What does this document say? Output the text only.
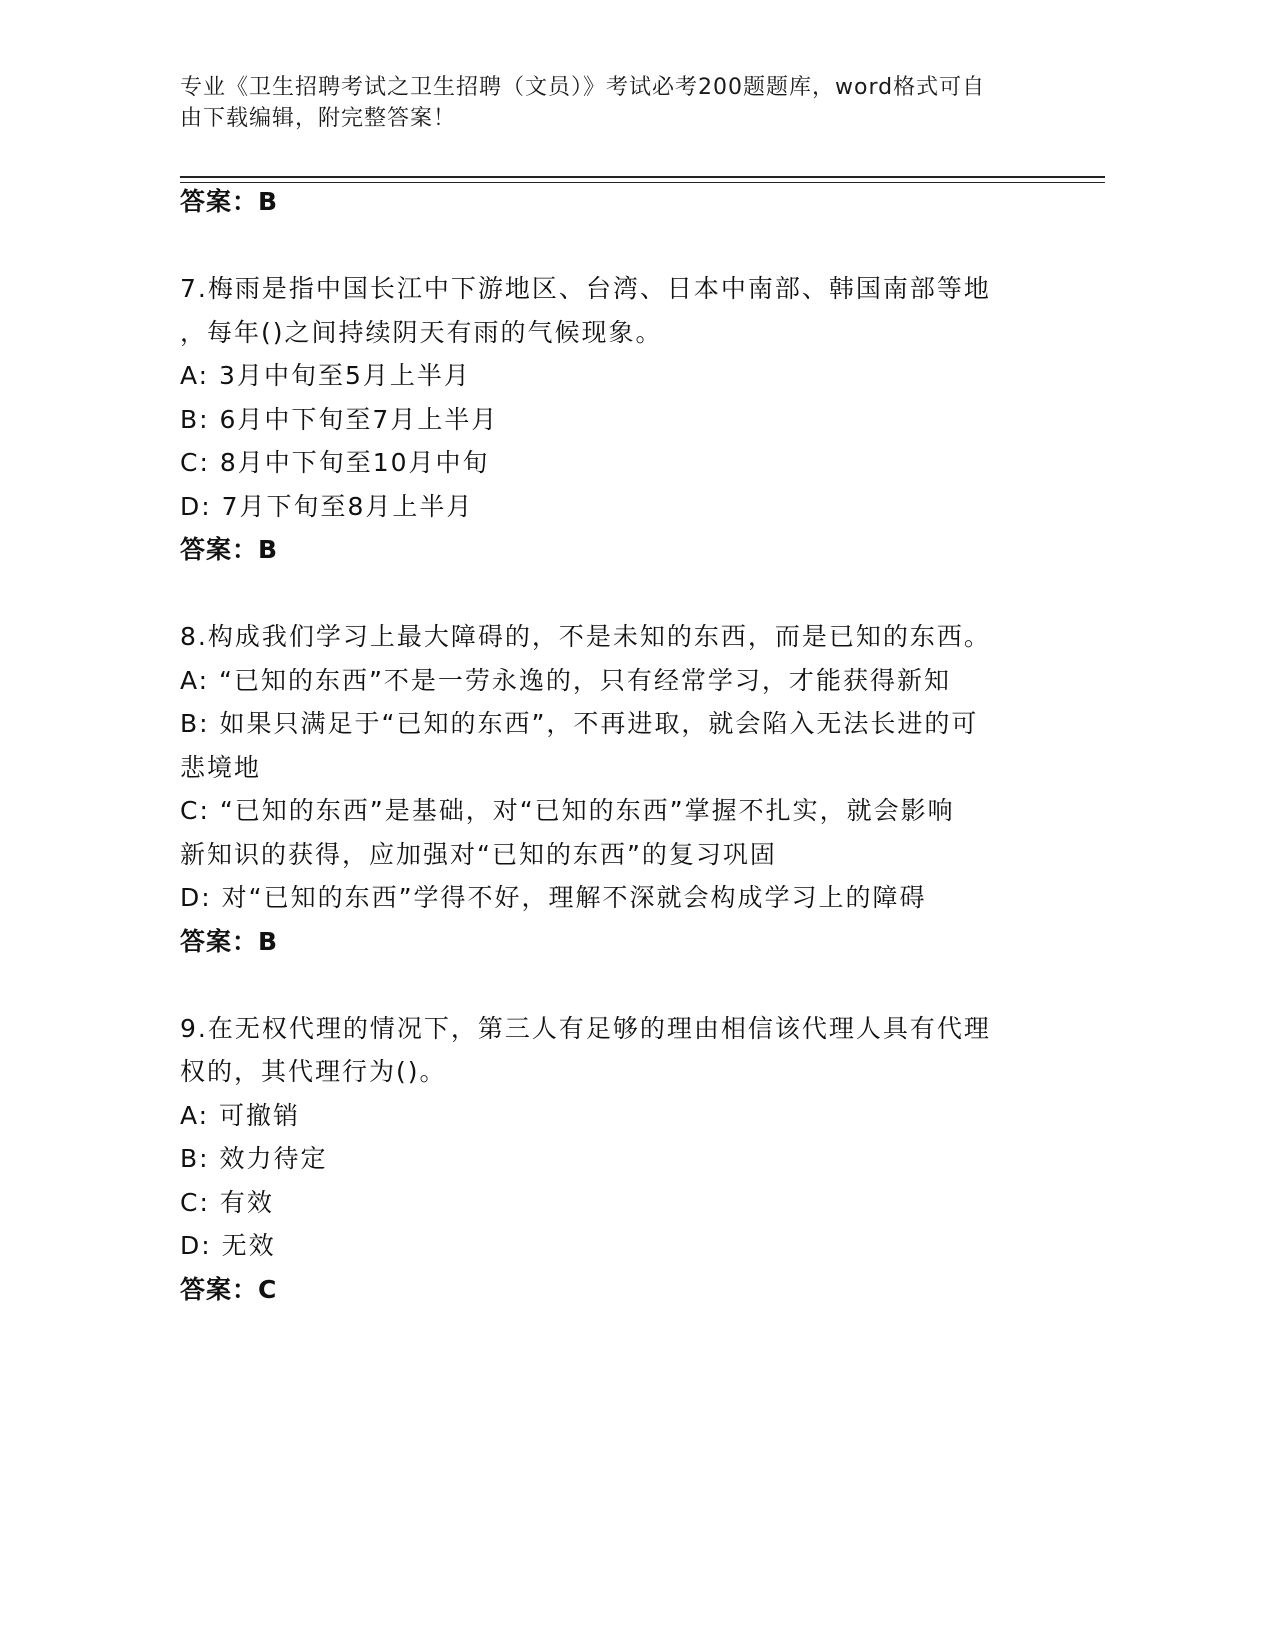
专业《卫生招聘考试之卫生招聘（文员）》考试必考200题题库，word格式可自
由下载编辑，附完整答案！
答案：B
7.梅雨是指中国长江中下游地区、台湾、日本中南部、韩国南部等地
，每年()之间持续阴天有雨的气候现象。
A: 3月中旬至5月上半月
B: 6月中下旬至7月上半月
C: 8月中下旬至10月中旬
D: 7月下旬至8月上半月
答案：B
8.构成我们学习上最大障碍的，不是未知的东西，而是已知的东西。
A: “已知的东西”不是一劳永逸的，只有经常学习，才能获得新知
B: 如果只满足于“已知的东西”，不再进取，就会陷入无法长进的可
悲境地
C: “已知的东西”是基础，对“已知的东西”掌握不扎实，就会影响
新知识的获得，应加强对“已知的东西”的复习巩固
D: 对“已知的东西”学得不好，理解不深就会构成学习上的障碍
答案：B
9.在无权代理的情况下，第三人有足够的理由相信该代理人具有代理
权的，其代理行为()。
A: 可撤销
B: 效力待定
C: 有效
D: 无效
答案：C
